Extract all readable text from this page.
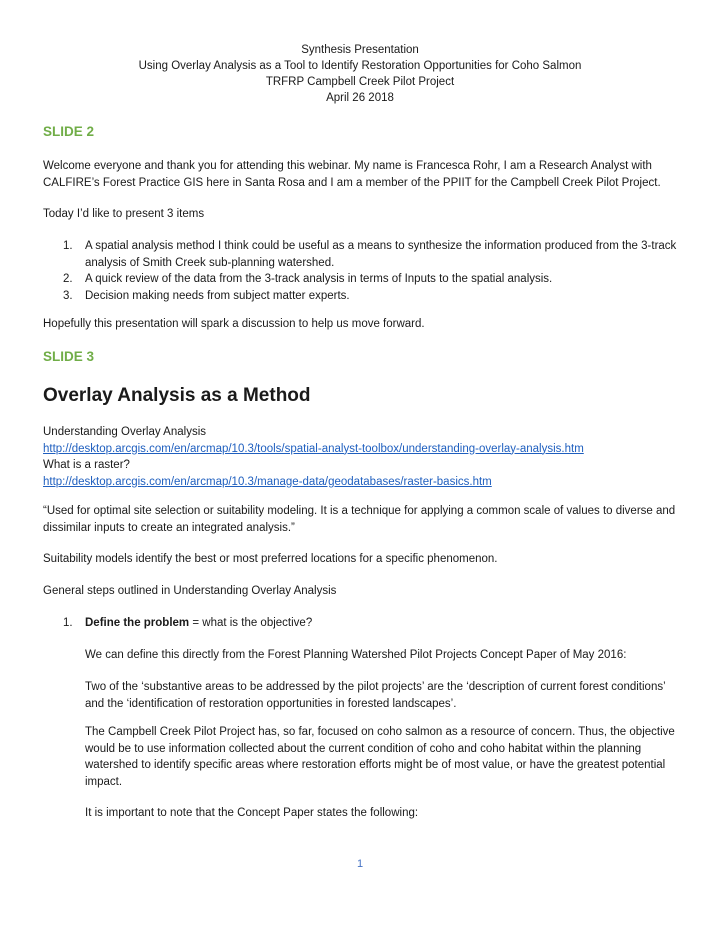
Synthesis Presentation
Using Overlay Analysis as a Tool to Identify Restoration Opportunities for Coho Salmon
TRFRP Campbell Creek Pilot Project
April 26 2018
SLIDE 2
Welcome everyone and thank you for attending this webinar. My name is Francesca Rohr, I am a Research Analyst with CALFIRE’s Forest Practice GIS here in Santa Rosa and I am a member of the PPIIT for the Campbell Creek Pilot Project.
Today I’d like to present 3 items
1. A spatial analysis method I think could be useful as a means to synthesize the information produced from the 3-track analysis of Smith Creek sub-planning watershed.
2. A quick review of the data from the 3-track analysis in terms of Inputs to the spatial analysis.
3. Decision making needs from subject matter experts.
Hopefully this presentation will spark a discussion to help us move forward.
SLIDE 3
Overlay Analysis as a Method
Understanding Overlay Analysis
http://desktop.arcgis.com/en/arcmap/10.3/tools/spatial-analyst-toolbox/understanding-overlay-analysis.htm
What is a raster?
http://desktop.arcgis.com/en/arcmap/10.3/manage-data/geodatabases/raster-basics.htm
“Used for optimal site selection or suitability modeling. It is a technique for applying a common scale of values to diverse and dissimilar inputs to create an integrated analysis.”
Suitability models identify the best or most preferred locations for a specific phenomenon.
General steps outlined in Understanding Overlay Analysis
1. Define the problem = what is the objective?
We can define this directly from the Forest Planning Watershed Pilot Projects Concept Paper of May 2016:
Two of the ‘substantive areas to be addressed by the pilot projects’ are the ‘description of current forest conditions’ and the ‘identification of restoration opportunities in forested landscapes’.
The Campbell Creek Pilot Project has, so far, focused on coho salmon as a resource of concern. Thus, the objective would be to use information collected about the current condition of coho and coho habitat within the planning watershed to identify specific areas where restoration efforts might be of most value, or have the greatest potential impact.
It is important to note that the Concept Paper states the following:
1
